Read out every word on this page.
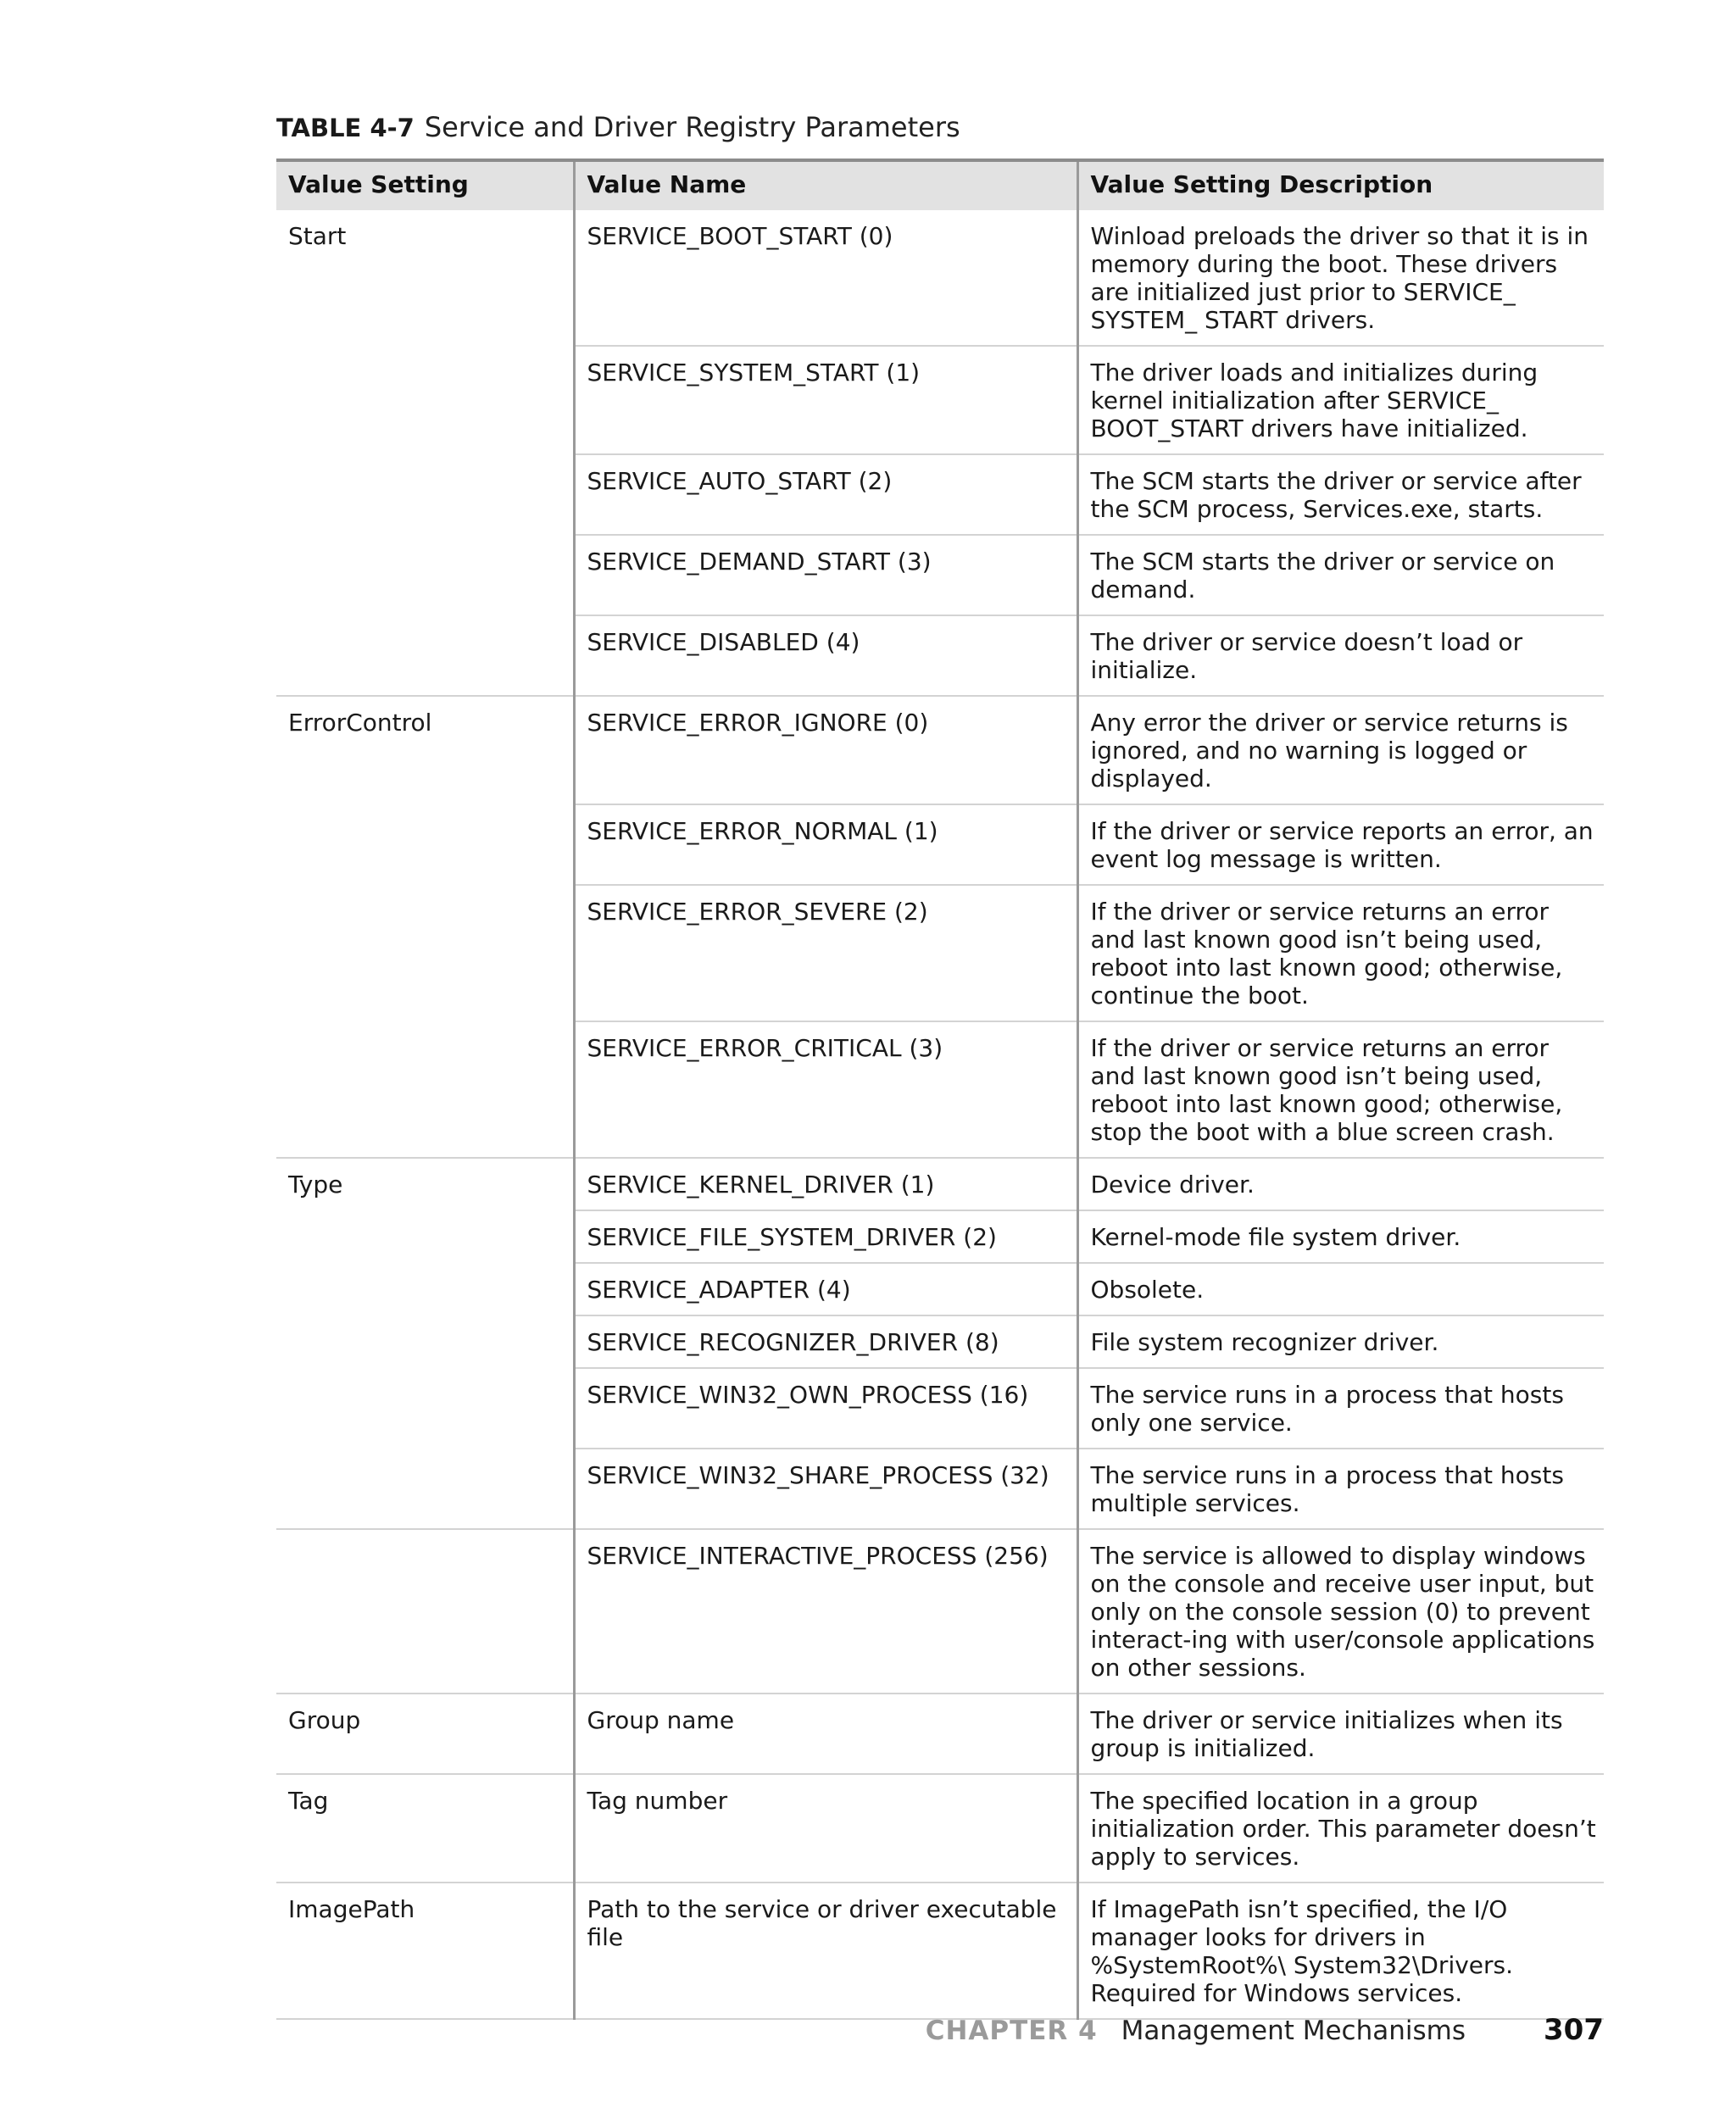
TABLE 4-7 Service and Driver Registry Parameters
Value Setting	Value Name	Value Setting Description
Start	SERVICE_BOOT_START (0)	Winload preloads the driver so that it is in memory during the boot. These drivers are initialized just prior to SERVICE_ SYSTEM_ START drivers.
	SERVICE_SYSTEM_START (1)	The driver loads and initializes during kernel initialization after SERVICE_ BOOT_START drivers have initialized.
	SERVICE_AUTO_START (2)	The SCM starts the driver or service after the SCM process, Services.exe, starts.
	SERVICE_DEMAND_START (3)	The SCM starts the driver or service on demand.
	SERVICE_DISABLED (4)	The driver or service doesn’t load or initialize.
ErrorControl	SERVICE_ERROR_IGNORE (0)	Any error the driver or service returns is ignored, and no warning is logged or displayed.
	SERVICE_ERROR_NORMAL (1)	If the driver or service reports an error, an event log message is written.
	SERVICE_ERROR_SEVERE (2)	If the driver or service returns an error and last known good isn’t being used, reboot into last known good; otherwise, continue the boot.
	SERVICE_ERROR_CRITICAL (3)	If the driver or service returns an error and last known good isn’t being used, reboot into last known good; otherwise, stop the boot with a blue screen crash.
Type	SERVICE_KERNEL_DRIVER (1)	Device driver.
	SERVICE_FILE_SYSTEM_DRIVER (2)	Kernel-mode file system driver.
	SERVICE_ADAPTER (4)	Obsolete.
	SERVICE_RECOGNIZER_DRIVER (8)	File system recognizer driver.
	SERVICE_WIN32_OWN_PROCESS (16)	The service runs in a process that hosts only one service.
	SERVICE_WIN32_SHARE_PROCESS (32)	The service runs in a process that hosts multiple services.
	SERVICE_INTERACTIVE_PROCESS (256)	The service is allowed to display windows on the console and receive user input, but only on the console session (0) to prevent interact-ing with user/console applications on other sessions.
Group	Group name	The driver or service initializes when its group is initialized.
Tag	Tag number	The specified location in a group initialization order. This parameter doesn’t apply to services.
ImagePath	Path to the service or driver executable file	If ImagePath isn’t specified, the I/O manager looks for drivers in %SystemRoot%\ System32\Drivers. Required for Windows services.
CHAPTER 4 Management Mechanisms	307
